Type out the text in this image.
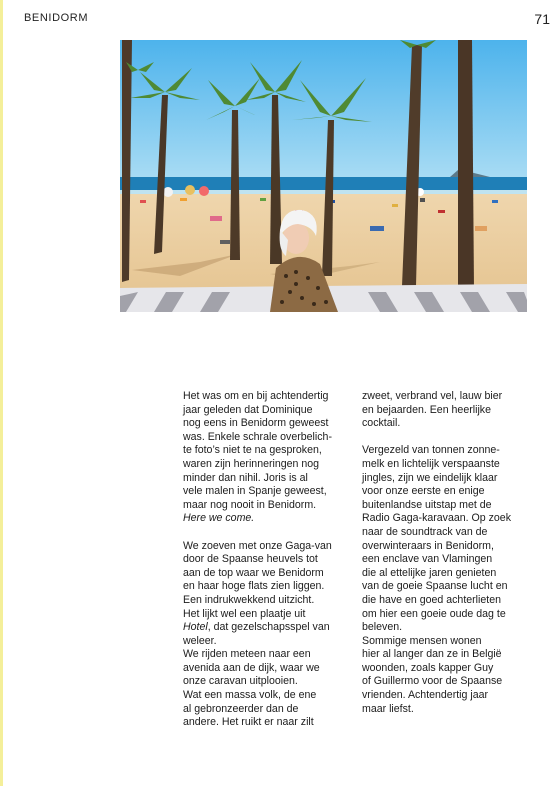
BENIDORM	71

Het was om en bij achtendertig
jaar geleden dat Dominique
nog eens in Benidorm geweest
was. Enkele schrale overbelich-
te foto’s niet te na gesproken,
waren zijn herinneringen nog
minder dan nihil. Joris is al
vele malen in Spanje geweest,
maar nog nooit in Benidorm.
Here we come.

We zoeven met onze Gaga-van
door de Spaanse heuvels tot
aan de top waar we Benidorm
en haar hoge flats zien liggen.
Een indrukwekkend uitzicht.
Het lijkt wel een plaatje uit
Hotel, dat gezelschapsspel van
weleer.

We rijden meteen naar een
avenida aan de dijk, waar we
onze caravan uitplooien.

Wat een massa volk, de ene
al gebronzeerder dan de
andere. Het ruikt er naar zilt

zweet, verbrand vel, lauw bier
en bejaarden. Een heerlijke
cocktail.

Vergezeld van tonnen zonne-
melk en lichtelijk verspaanste
jingles, zijn we eindelijk klaar
voor onze eerste en enige
buitenlandse uitstap met de
Radio Gaga-karavaan. Op zoek
naar de soundtrack van de
overwinteraars in Benidorm,
een enclave van Vlamingen
die al ettelijke jaren genieten
van de goeie Spaanse lucht en
die have en goed achterlieten
om hier een goeie oude dag te
beleven.

Sommige mensen wonen
hier al langer dan ze in België
woonden, zoals kapper Guy
of Guillermo voor de Spaanse
vrienden. Achtendertig jaar
maar liefst.
